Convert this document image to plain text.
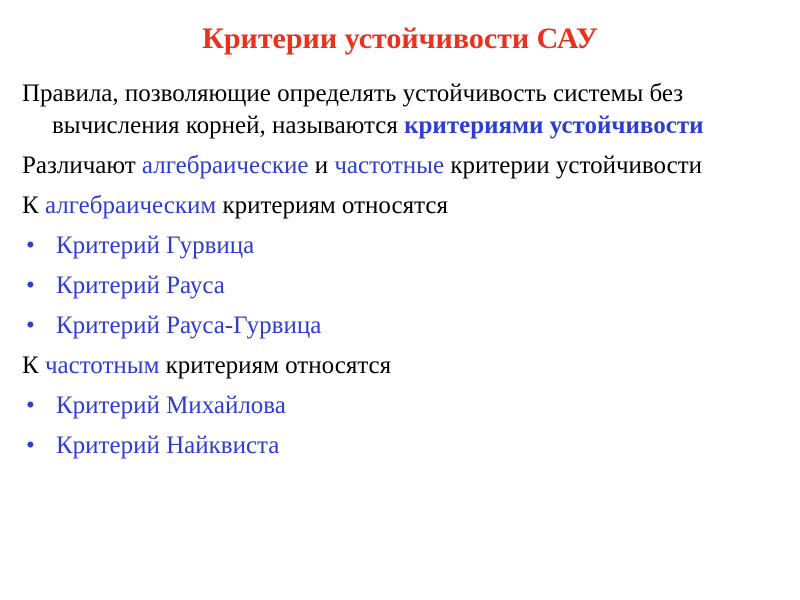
Критерии устойчивости САУ

Правила, позволяющие определять устойчивость системы без вычисления корней, называются критериями устойчивости

Различают алгебраические и частотные критерии устойчивости

К алгебраическим критериям относятся

• Критерий Гурвица
• Критерий Рауса
• Критерий Рауса-Гурвица

К частотным критериям относятся

• Критерий Михайлова
• Критерий Найквиста
